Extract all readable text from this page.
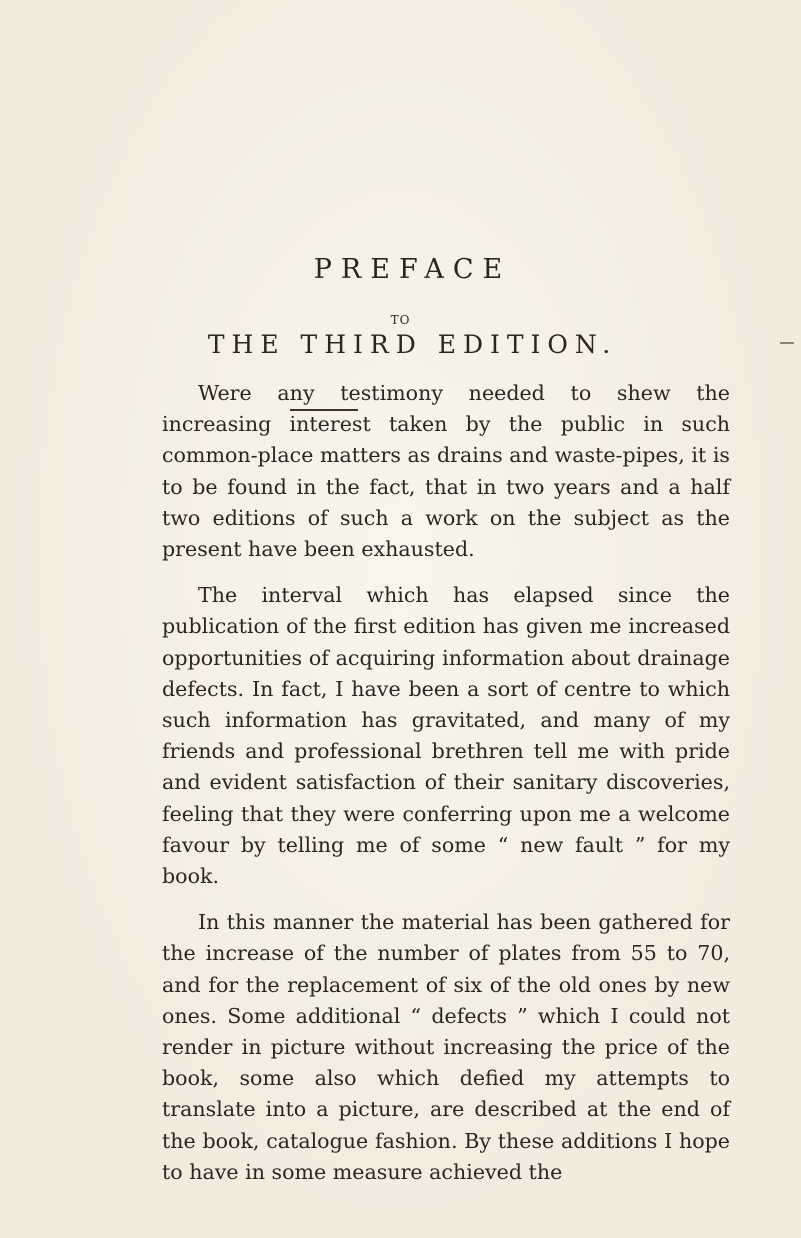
PREFACE
TO
THE THIRD EDITION.

Were any testimony needed to shew the increasing interest taken by the public in such common-place matters as drains and waste-pipes, it is to be found in the fact, that in two years and a half two editions of such a work on the subject as the present have been exhausted.

The interval which has elapsed since the publication of the first edition has given me increased opportunities of acquiring information about drainage defects. In fact, I have been a sort of centre to which such information has gravitated, and many of my friends and professional brethren tell me with pride and evident satisfaction of their sanitary discoveries, feeling that they were conferring upon me a welcome favour by telling me of some “ new fault ” for my book.

In this manner the material has been gathered for the increase of the number of plates from 55 to 70, and for the replacement of six of the old ones by new ones. Some additional “ defects ” which I could not render in picture without increasing the price of the book, some also which defied my attempts to translate into a picture, are described at the end of the book, catalogue fashion. By these additions I hope to have in some measure achieved the
